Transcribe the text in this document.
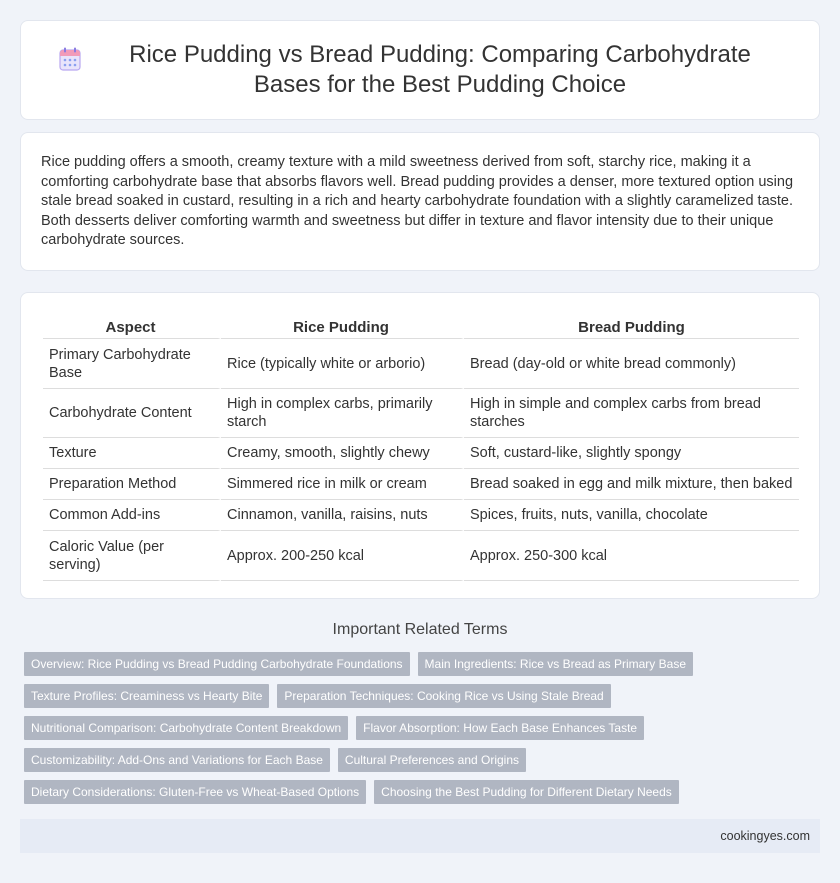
Rice Pudding vs Bread Pudding: Comparing Carbohydrate Bases for the Best Pudding Choice

Rice pudding offers a smooth, creamy texture with a mild sweetness derived from soft, starchy rice, making it a comforting carbohydrate base that absorbs flavors well. Bread pudding provides a denser, more textured option using stale bread soaked in custard, resulting in a rich and hearty carbohydrate foundation with a slightly caramelized taste. Both desserts deliver comforting warmth and sweetness but differ in texture and flavor intensity due to their unique carbohydrate sources.

Aspect	Rice Pudding	Bread Pudding
Primary Carbohydrate Base	Rice (typically white or arborio)	Bread (day-old or white bread commonly)
Carbohydrate Content	High in complex carbs, primarily starch	High in simple and complex carbs from bread starches
Texture	Creamy, smooth, slightly chewy	Soft, custard-like, slightly spongy
Preparation Method	Simmered rice in milk or cream	Bread soaked in egg and milk mixture, then baked
Common Add-ins	Cinnamon, vanilla, raisins, nuts	Spices, fruits, nuts, vanilla, chocolate
Caloric Value (per serving)	Approx. 200-250 kcal	Approx. 250-300 kcal
Important Related Terms
Overview: Rice Pudding vs Bread Pudding Carbohydrate Foundations	Main Ingredients: Rice vs Bread as Primary Base
Texture Profiles: Creaminess vs Hearty Bite	Preparation Techniques: Cooking Rice vs Using Stale Bread
Nutritional Comparison: Carbohydrate Content Breakdown	Flavor Absorption: How Each Base Enhances Taste
Customizability: Add-Ons and Variations for Each Base	Cultural Preferences and Origins
Dietary Considerations: Gluten-Free vs Wheat-Based Options	Choosing the Best Pudding for Different Dietary Needs
cookingyes.com
